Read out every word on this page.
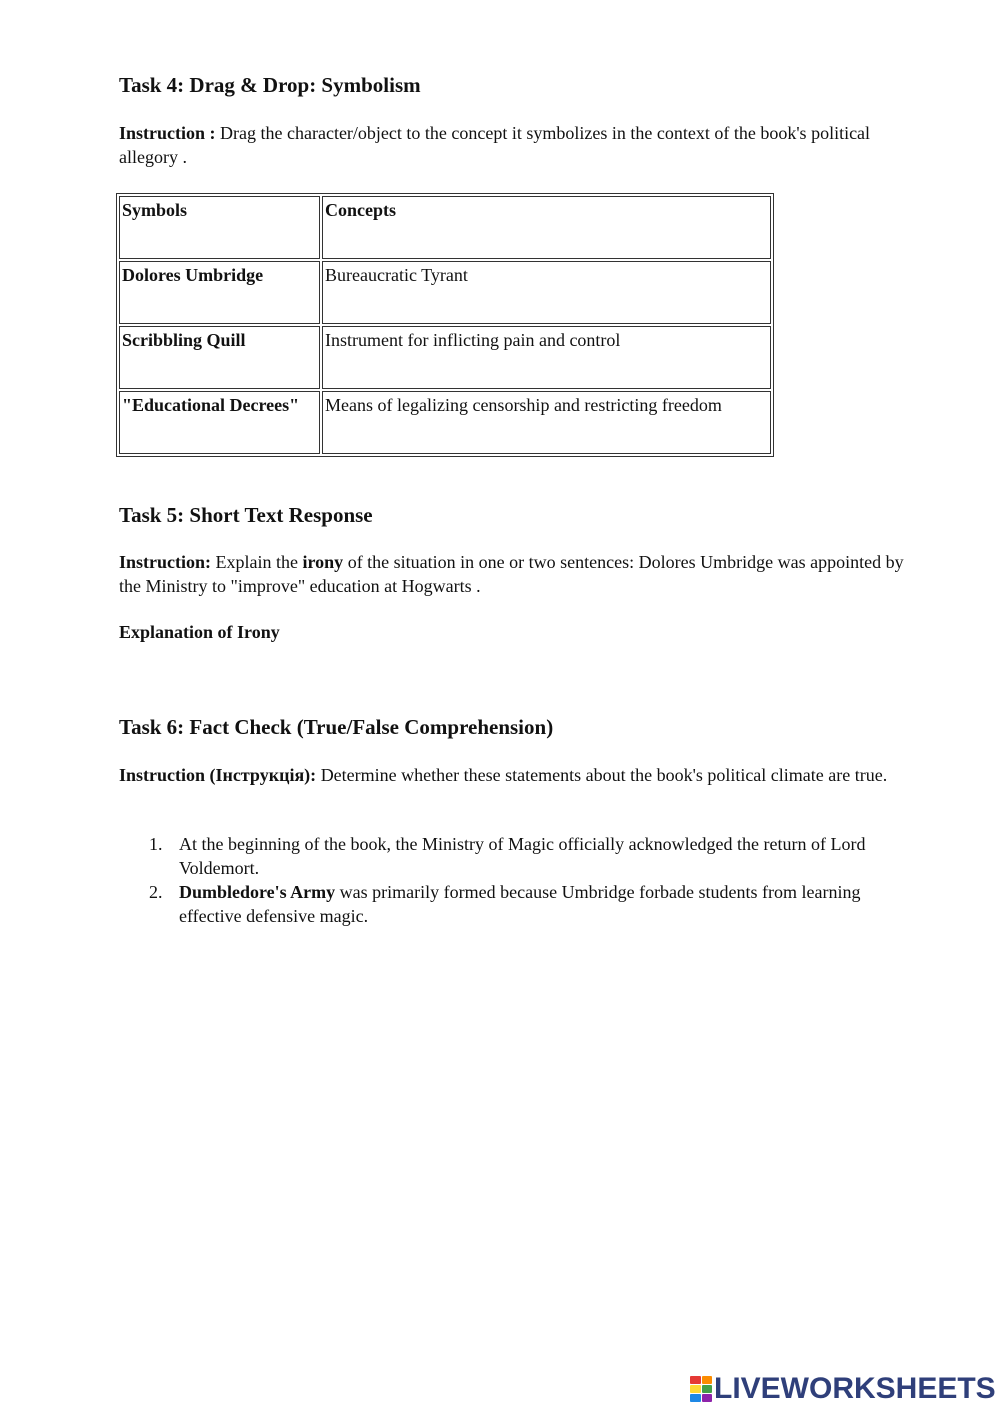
Task 4: Drag & Drop: Symbolism
Instruction : Drag the character/object to the concept it symbolizes in the context of the book's political allegory .
Symbols	Concepts
Dolores Umbridge	Bureaucratic Tyrant
Scribbling Quill	Instrument for inflicting pain and control
"Educational Decrees"	Means of legalizing censorship and restricting freedom
Task 5: Short Text Response
Instruction: Explain the irony of the situation in one or two sentences: Dolores Umbridge was appointed by the Ministry to "improve" education at Hogwarts .
Explanation of Irony
Task 6: Fact Check (True/False Comprehension)
Instruction (Інструкція): Determine whether these statements about the book's political climate are true.
1. At the beginning of the book, the Ministry of Magic officially acknowledged the return of Lord Voldemort.
2. Dumbledore's Army was primarily formed because Umbridge forbade students from learning effective defensive magic.
LIVEWORKSHEETS
